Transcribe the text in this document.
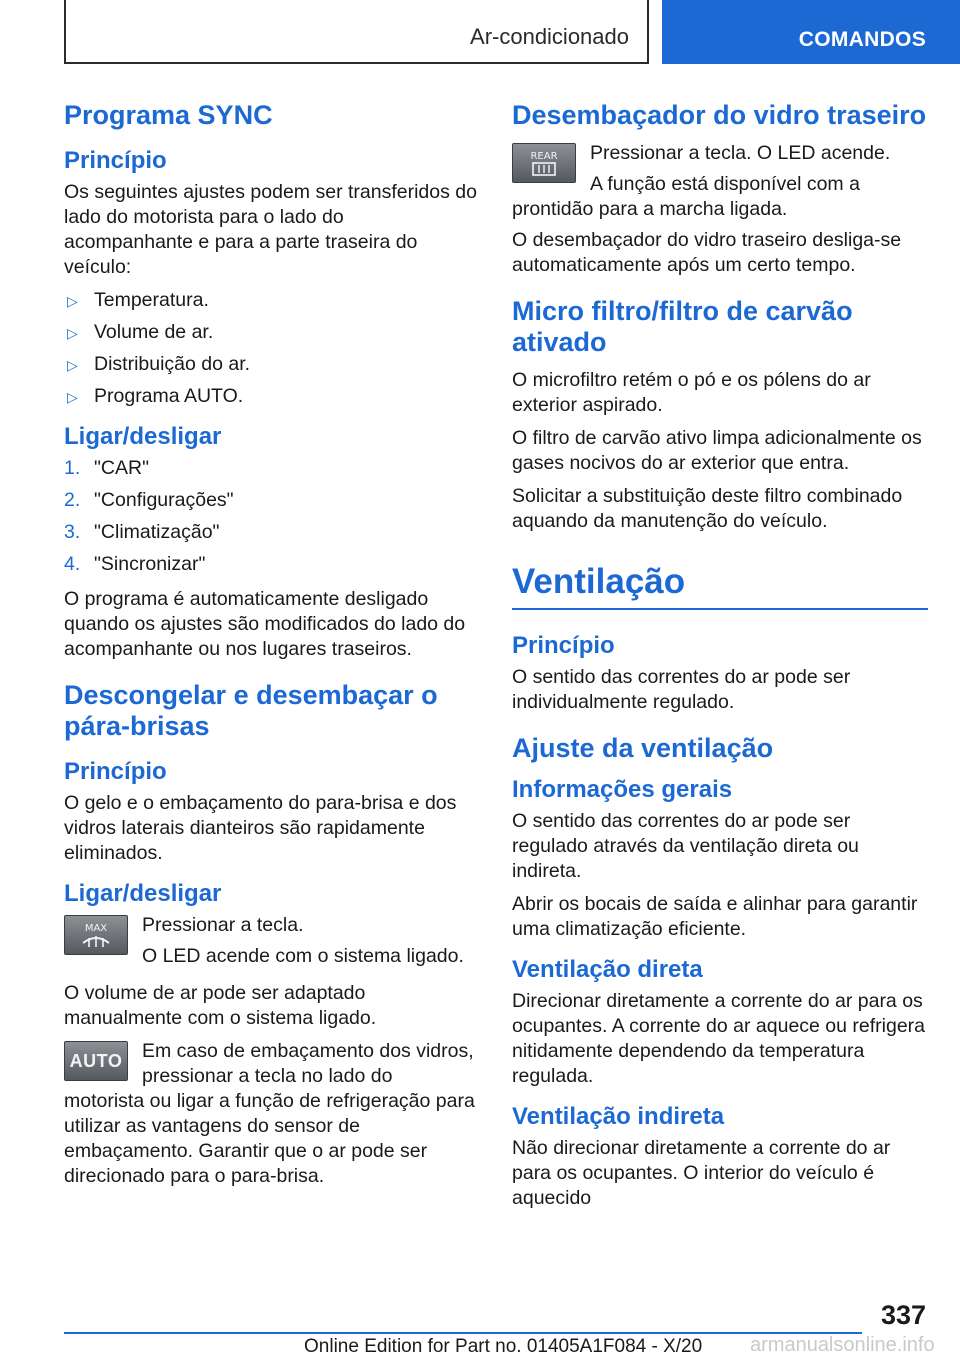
Ar-condicionado	COMANDOS
Programa SYNC
Princípio

Os seguintes ajustes podem ser transferidos do lado do motorista para o lado do acompanhante e para a parte traseira do veículo:

▷ Temperatura.
▷ Volume de ar.
▷ Distribuição do ar.
▷ Programa AUTO.
Ligar/desligar
1. "CAR"
2. "Configurações"
3. "Climatização"
4. "Sincronizar"

O programa é automaticamente desligado quando os ajustes são modificados do lado do acompanhante ou nos lugares traseiros.

Descongelar e desembaçar o pára-brisas
Princípio

O gelo e o embaçamento do para-brisa e dos vidros laterais dianteiros são rapidamente eliminados.

Ligar/desligar
MAX	Pressionar a tecla.

O LED acende com o sistema ligado.

O volume de ar pode ser adaptado manualmente com o sistema ligado.

AUTO	Em caso de embaçamento dos vidros, pressionar a tecla no lado do motorista ou ligar a função de refrigeração para utilizar as vantagens do sensor de embaçamento. Garantir que o ar pode ser direcionado para o para-brisa.

Desembaçador do vidro traseiro
REAR	Pressionar a tecla. O LED acende.

A função está disponível com a prontidão para a marcha ligada.

O desembaçador do vidro traseiro desliga-se automaticamente após um certo tempo.

Micro filtro/filtro de carvão ativado

O microfiltro retém o pó e os pólens do ar exterior aspirado.

O filtro de carvão ativo limpa adicionalmente os gases nocivos do ar exterior que entra.

Solicitar a substituição deste filtro combinado aquando da manutenção do veículo.

Ventilação
Princípio

O sentido das correntes do ar pode ser individualmente regulado.

Ajuste da ventilação
Informações gerais

O sentido das correntes do ar pode ser regulado através da ventilação direta ou indireta.

Abrir os bocais de saída e alinhar para garantir uma climatização eficiente.

Ventilação direta

Direcionar diretamente a corrente do ar para os ocupantes. A corrente do ar aquece ou refrigera nitidamente dependendo da temperatura regulada.

Ventilação indireta

Não direcionar diretamente a corrente do ar para os ocupantes. O interior do veículo é aquecido

337
Online Edition for Part no. 01405A1F084 - X/20 armanualsonline.info
